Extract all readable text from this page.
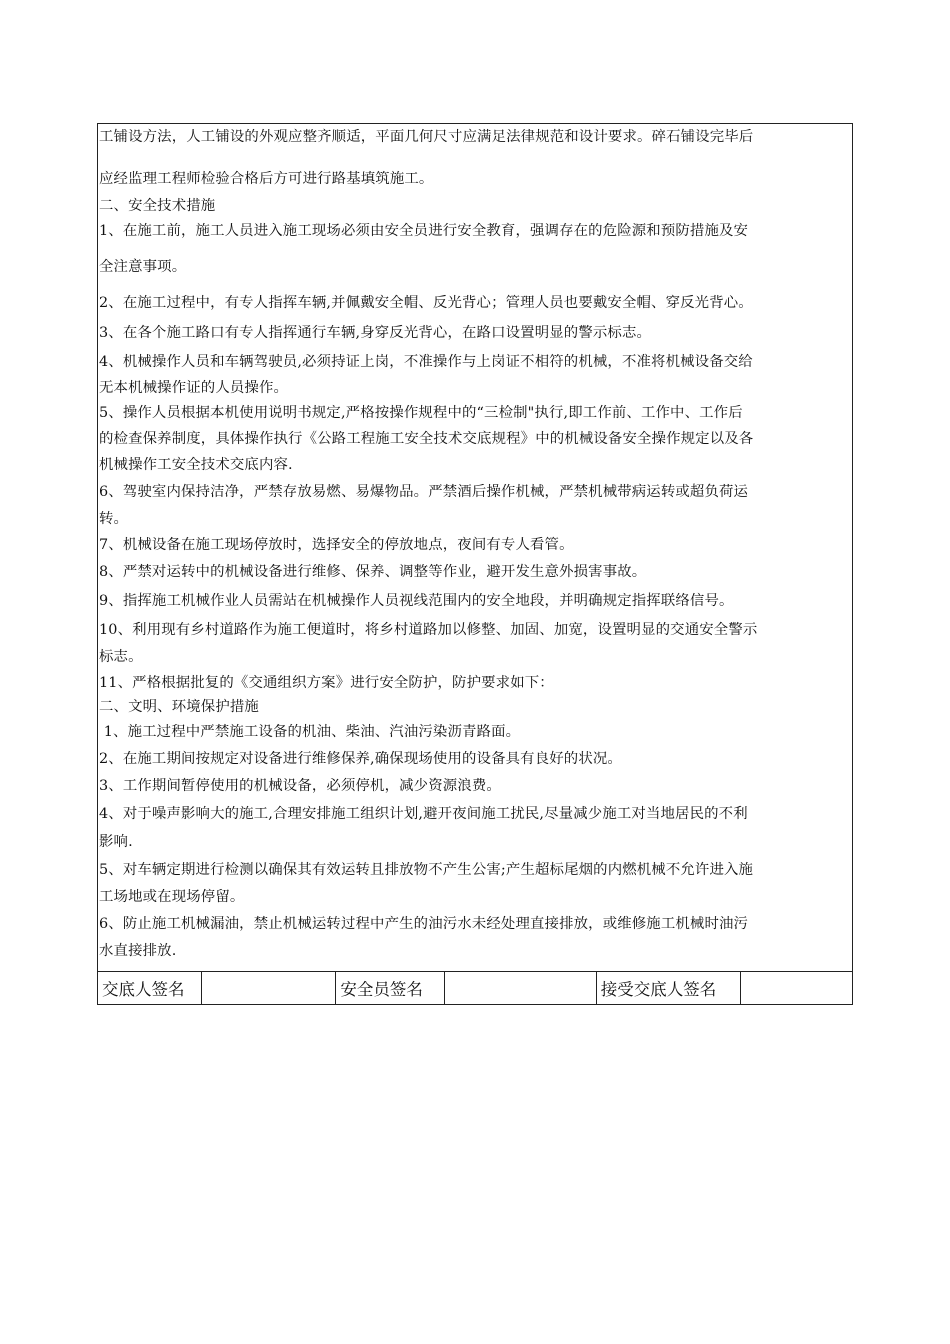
工铺设方法，人工铺设的外观应整齐顺适，平面几何尺寸应满足法律规范和设计要求。碎石铺设完毕后

应经监理工程师检验合格后方可进行路基填筑施工。

二、安全技术措施

1、在施工前，施工人员进入施工现场必须由安全员进行安全教育，强调存在的危险源和预防措施及安

全注意事项。

2、在施工过程中，有专人指挥车辆,并佩戴安全帽、反光背心；管理人员也要戴安全帽、穿反光背心。

3、在各个施工路口有专人指挥通行车辆,身穿反光背心，在路口设置明显的警示标志。

4、机械操作人员和车辆驾驶员,必须持证上岗，不准操作与上岗证不相符的机械，不准将机械设备交给

无本机械操作证的人员操作。

5、操作人员根据本机使用说明书规定,严格按操作规程中的“三检制"执行,即工作前、工作中、工作后

的检查保养制度，具体操作执行《公路工程施工安全技术交底规程》中的机械设备安全操作规定以及各

机械操作工安全技术交底内容.

6、驾驶室内保持洁净，严禁存放易燃、易爆物品。严禁酒后操作机械，严禁机械带病运转或超负荷运

转。

7、机械设备在施工现场停放时，选择安全的停放地点，夜间有专人看管。

8、严禁对运转中的机械设备进行维修、保养、调整等作业，避开发生意外损害事故。

9、指挥施工机械作业人员需站在机械操作人员视线范围内的安全地段，并明确规定指挥联络信号。

10、利用现有乡村道路作为施工便道时，将乡村道路加以修整、加固、加宽，设置明显的交通安全警示

标志。

11、严格根据批复的《交通组织方案》进行安全防护，防护要求如下：

二、文明、环境保护措施

1、施工过程中严禁施工设备的机油、柴油、汽油污染沥青路面。

2、在施工期间按规定对设备进行维修保养,确保现场使用的设备具有良好的状况。

3、工作期间暂停使用的机械设备，必须停机，减少资源浪费。

4、对于噪声影响大的施工,合理安排施工组织计划,避开夜间施工扰民,尽量减少施工对当地居民的不利

影响.

5、对车辆定期进行检测以确保其有效运转且排放物不产生公害;产生超标尾烟的内燃机械不允许进入施

工场地或在现场停留。

6、防止施工机械漏油，禁止机械运转过程中产生的油污水未经处理直接排放，或维修施工机械时油污

水直接排放.

交底人签名	安全员签名	接受交底人签名
